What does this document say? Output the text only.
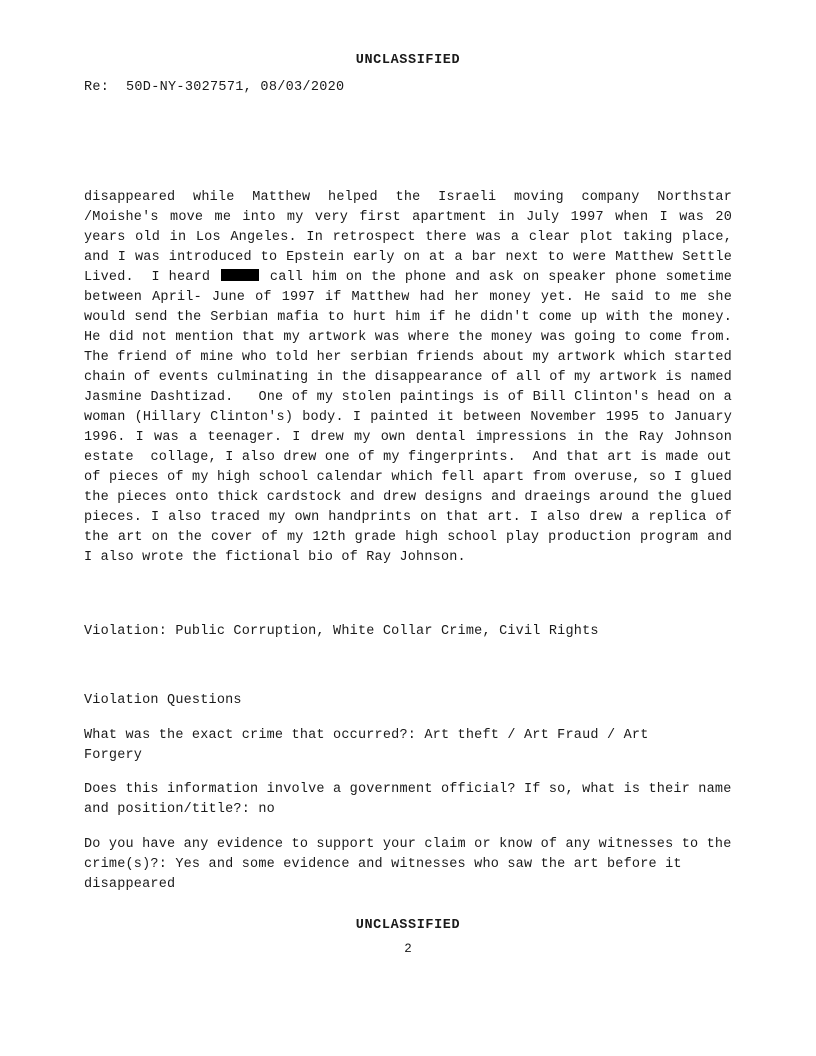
UNCLASSIFIED
Re:  50D-NY-3027571, 08/03/2020

disappeared while Matthew helped the Israeli moving company Northstar /Moishe's move me into my very first apartment in July 1997 when I was 20 years old in Los Angeles. In retrospect there was a clear plot taking place, and I was introduced to Epstein early on at a bar next to were Matthew Settle Lived.  I heard	call him on the phone and ask on speaker phone sometime between April- June of 1997 if Matthew had her money yet. He said to me she would send the Serbian mafia to hurt him if he didn't come up with the money. He did not mention that my artwork was where the money was going to come from. The friend of mine who told her serbian friends about my artwork which started chain of events culminating in the disappearance of all of my artwork is named Jasmine Dashtizad.   One of my stolen paintings is of Bill Clinton's head on a woman (Hillary Clinton's) body. I painted it between November 1995 to January 1996. I was a teenager. I drew my own dental impressions in the Ray Johnson estate  collage, I also drew one of my fingerprints.  And that art is made out of pieces of my high school calendar which fell apart from overuse, so I glued the pieces onto thick cardstock and drew designs and draeings around the glued pieces. I also traced my own handprints on that art. I also drew a replica of the art on the cover of my 12th grade high school play production program and I also wrote the fictional bio of Ray Johnson.

Violation: Public Corruption, White Collar Crime, Civil Rights
Violation Questions
What was the exact crime that occurred?: Art theft / Art Fraud / Art Forgery
Does this information involve a government official? If so, what is their name and position/title?: no
Do you have any evidence to support your claim or know of any witnesses to the crime(s)?: Yes and some evidence and witnesses who saw the art before it disappeared
UNCLASSIFIED
2
